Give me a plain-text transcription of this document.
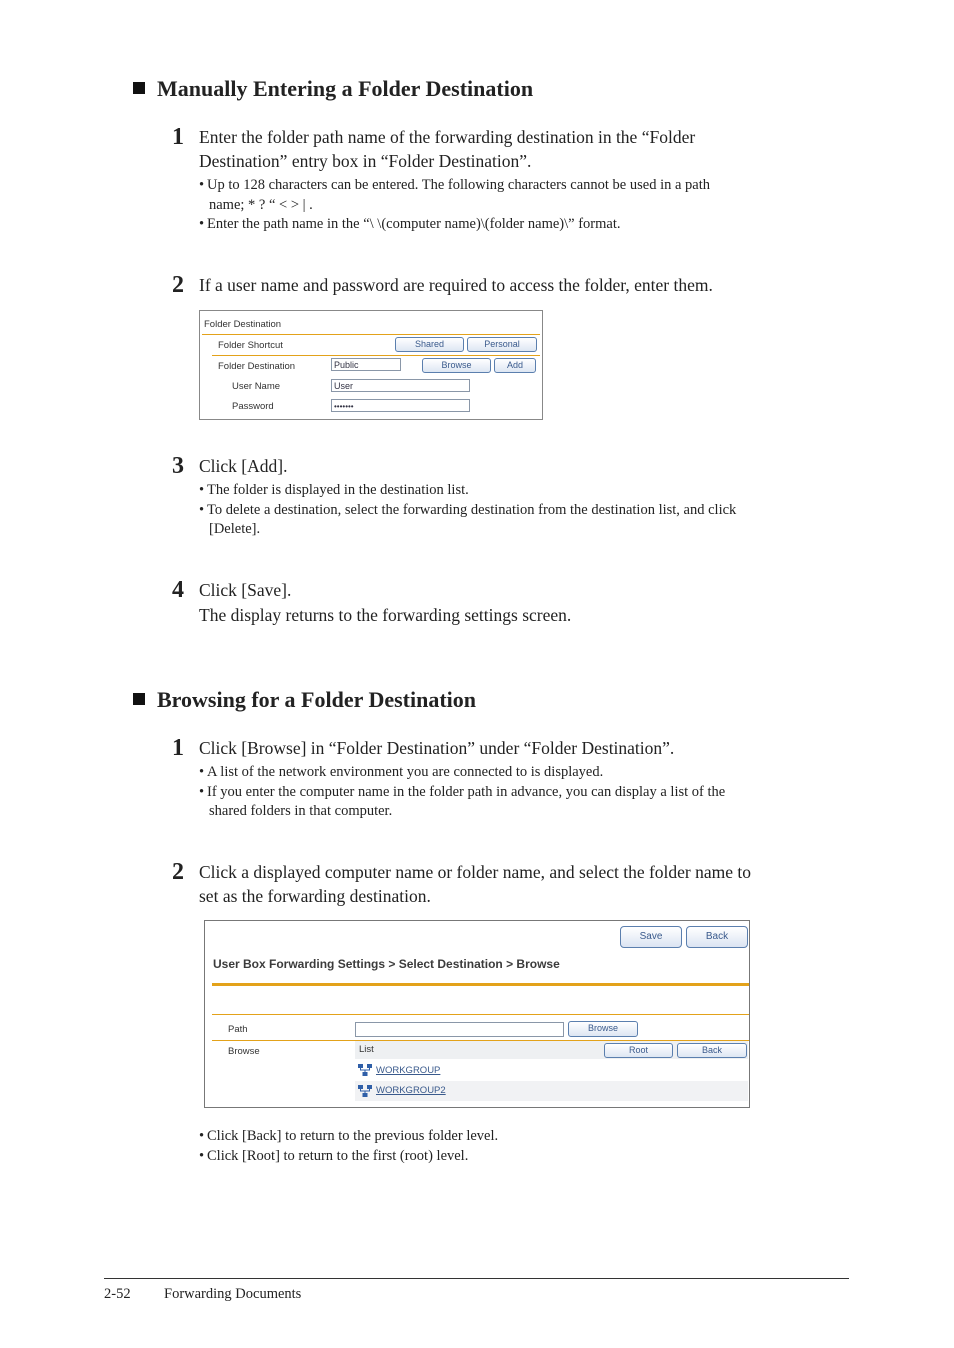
Manually Entering a Folder Destination
1 Enter the folder path name of the forwarding destination in the “Folder
Destination” entry box in “Folder Destination”.
• Up to 128 characters can be entered. The following characters cannot be used in a path
name; * ? “ < > | .
• Enter the path name in the “\ \(computer name)\(folder name)\” format.
2 If a user name and password are required to access the folder, enter them.
Folder Destination
Folder Shortcut	Shared	Personal
Folder Destination	Public	Browse	Add
User Name	User
Password	•••••••
3 Click [Add].
• The folder is displayed in the destination list.
• To delete a destination, select the forwarding destination from the destination list, and click
[Delete].
4 Click [Save].
The display returns to the forwarding settings screen.
Browsing for a Folder Destination
1 Click [Browse] in “Folder Destination” under “Folder Destination”.
• A list of the network environment you are connected to is displayed.
• If you enter the computer name in the folder path in advance, you can display a list of the
shared folders in that computer.
2 Click a displayed computer name or folder name, and select the folder name to
set as the forwarding destination.
Save	Back
User Box Forwarding Settings > Select Destination > Browse
Path	Browse
Browse	List	Root	Back
WORKGROUP
WORKGROUP2
• Click [Back] to return to the previous folder level.
• Click [Root] to return to the first (root) level.
2-52 Forwarding Documents
